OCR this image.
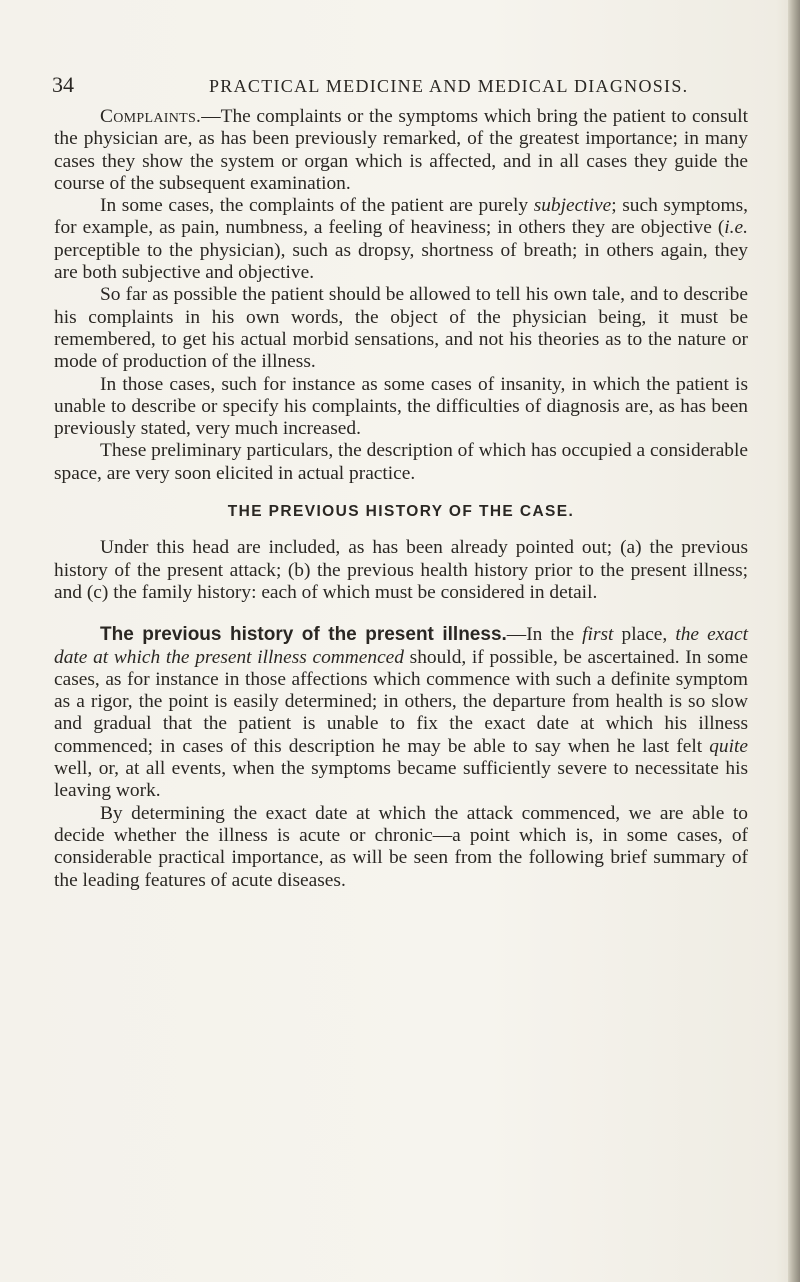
34	PRACTICAL MEDICINE AND MEDICAL DIAGNOSIS.

Complaints.—The complaints or the symptoms which bring the patient to consult the physician are, as has been previously remarked, of the greatest importance; in many cases they show the system or organ which is affected, and in all cases they guide the course of the subsequent examination.

In some cases, the complaints of the patient are purely subjective; such symptoms, for example, as pain, numbness, a feeling of heaviness; in others they are objective (i.e. perceptible to the physician), such as dropsy, shortness of breath; in others again, they are both subjective and objective.

So far as possible the patient should be allowed to tell his own tale, and to describe his complaints in his own words, the object of the physician being, it must be remembered, to get his actual morbid sensations, and not his theories as to the nature or mode of production of the illness.

In those cases, such for instance as some cases of insanity, in which the patient is unable to describe or specify his complaints, the difficulties of diagnosis are, as has been previously stated, very much increased.

These preliminary particulars, the description of which has occupied a considerable space, are very soon elicited in actual practice.

THE PREVIOUS HISTORY OF THE CASE.

Under this head are included, as has been already pointed out; (a) the previous history of the present attack; (b) the previous health history prior to the present illness; and (c) the family history: each of which must be considered in detail.

The previous history of the present illness.—In the first place, the exact date at which the present illness commenced should, if possible, be ascertained. In some cases, as for instance in those affections which commence with such a definite symptom as a rigor, the point is easily determined; in others, the departure from health is so slow and gradual that the patient is unable to fix the exact date at which his illness commenced; in cases of this description he may be able to say when he last felt quite well, or, at all events, when the symptoms became sufficiently severe to necessitate his leaving work.

By determining the exact date at which the attack commenced, we are able to decide whether the illness is acute or chronic—a point which is, in some cases, of considerable practical importance, as will be seen from the following brief summary of the leading features of acute diseases.
